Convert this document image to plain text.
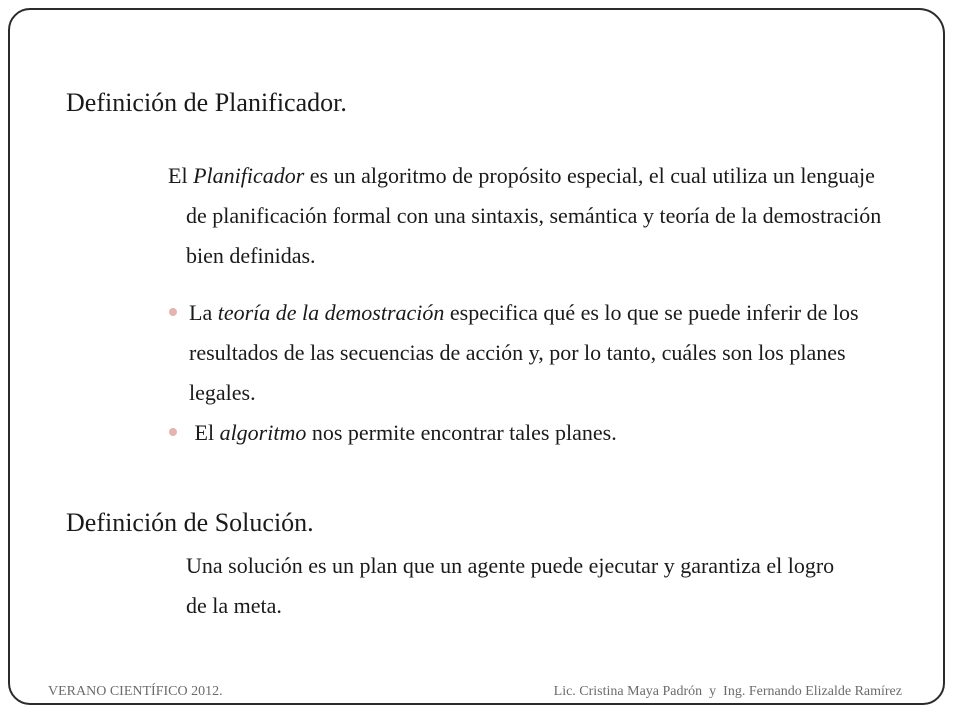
Definición de Planificador.
El Planificador es un algoritmo de propósito especial, el cual utiliza un lenguaje de planificación formal con una sintaxis, semántica y teoría de la demostración bien definidas.
La teoría de la demostración especifica qué es lo que se puede inferir de los resultados de las secuencias de acción y, por lo tanto, cuáles son los planes legales.
El algoritmo nos permite encontrar tales planes.
Definición de Solución.
Una solución es un plan que un agente puede ejecutar y garantiza el logro de la meta.
VERANO CIENTÍFICO 2012.	Lic. Cristina Maya Padrón  y  Ing. Fernando Elizalde Ramírez
